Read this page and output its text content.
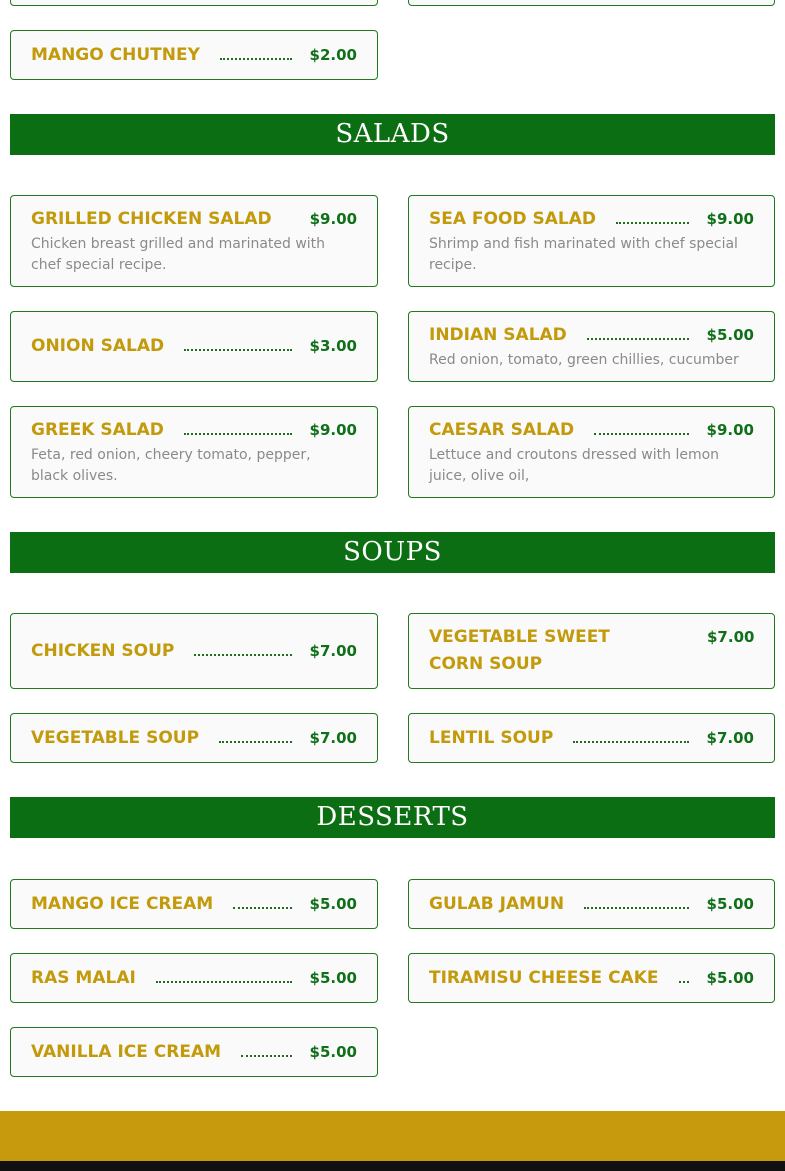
MANGO CHUTNEY	$2.00
SALADS
GRILLED CHICKEN SALAD	$9.00
Chicken breast grilled and marinated with chef special recipe.
SEA FOOD SALAD	$9.00
Shrimp and fish marinated with chef special recipe.
ONION SALAD	$3.00
INDIAN SALAD	$5.00
Red onion, tomato, green chillies, cucumber
GREEK SALAD	$9.00
Feta, red onion, cheery tomato, pepper, black olives.
CAESAR SALAD	$9.00
Lettuce and croutons dressed with lemon juice, olive oil,
SOUPS
CHICKEN SOUP	$7.00
VEGETABLE SWEET CORN SOUP
$7.00
VEGETABLE SOUP	$7.00	LENTIL SOUP	$7.00
DESSERTS
MANGO ICE CREAM	$5.00	GULAB JAMUN	$5.00
RAS MALAI	$5.00	TIRAMISU CHEESE CAKE	$5.00
VANILLA ICE CREAM	$5.00
